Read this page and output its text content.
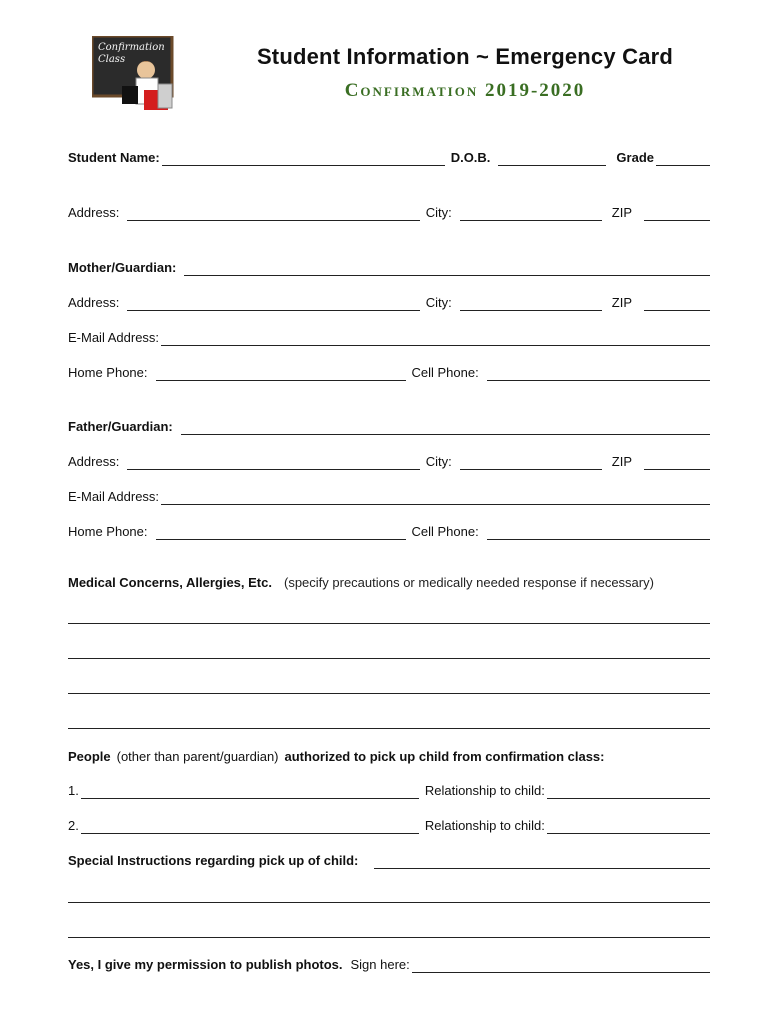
Confirmation
Class	Student Information ~ Emergency Card
Confirmation 2019-2020
Student Name:	D.O.B.	Grade
Address:	City:	ZIP
Mother/Guardian:
Address:	City:	ZIP
E-Mail Address:
Home Phone:	Cell Phone:
Father/Guardian:
Address:	City:	ZIP
E-Mail Address:
Home Phone:	Cell Phone:
Medical Concerns, Allergies, Etc. (specify precautions or medically needed response if necessary)
People (other than parent/guardian) authorized to pick up child from confirmation class:
1.	Relationship to child:
2.	Relationship to child:
Special Instructions regarding pick up of child:
Yes, I give my permission to publish photos. Sign here:
